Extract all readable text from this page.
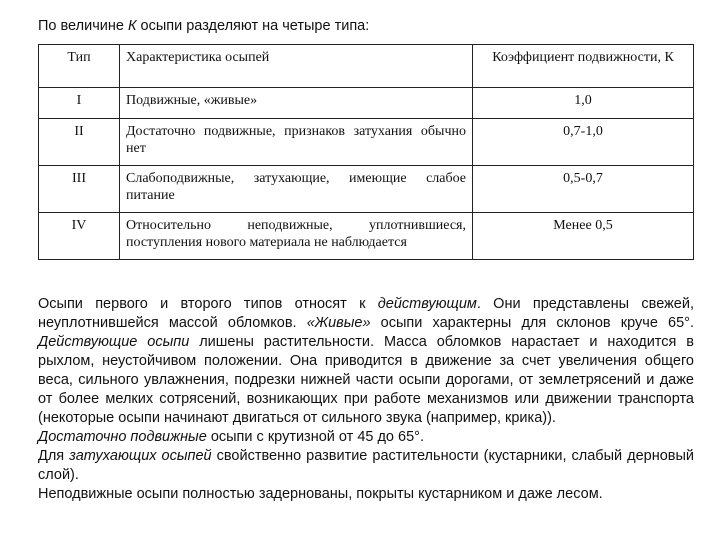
По величине К осыпи разделяют на четыре типа:
Тип	Характеристика осыпей	Коэффициент подвижности, К
I	Подвижные, «живые»	1,0
II	Достаточно подвижные, признаков затухания обычно нет	0,7-1,0
III	Слабоподвижные, затухающие, имеющие слабое питание	0,5-0,7
IV	Относительно неподвижные, уплотнившиеся, поступления нового материала не наблюдается	Менее 0,5

Осыпи первого и второго типов относят к действующим. Они представлены свежей, неуплотнившейся массой обломков. «Живые» осыпи характерны для склонов круче 65°. Действующие осыпи лишены растительности. Масса обломков нарастает и находится в рыхлом, неустойчивом положении. Она приводится в движение за счет увеличения общего веса, сильного увлажнения, подрезки нижней части осыпи дорогами, от землетрясений и даже от более мелких сотрясений, возникающих при работе механизмов или движении транспорта (некоторые осыпи начинают двигаться от сильного звука (например, крика)).

Достаточно подвижные осыпи с крутизной от 45 до 65°.

Для затухающих осыпей свойственно развитие растительности (кустарники, слабый дерновый слой).

Неподвижные осыпи полностью задернованы, покрыты кустарником и даже лесом.
